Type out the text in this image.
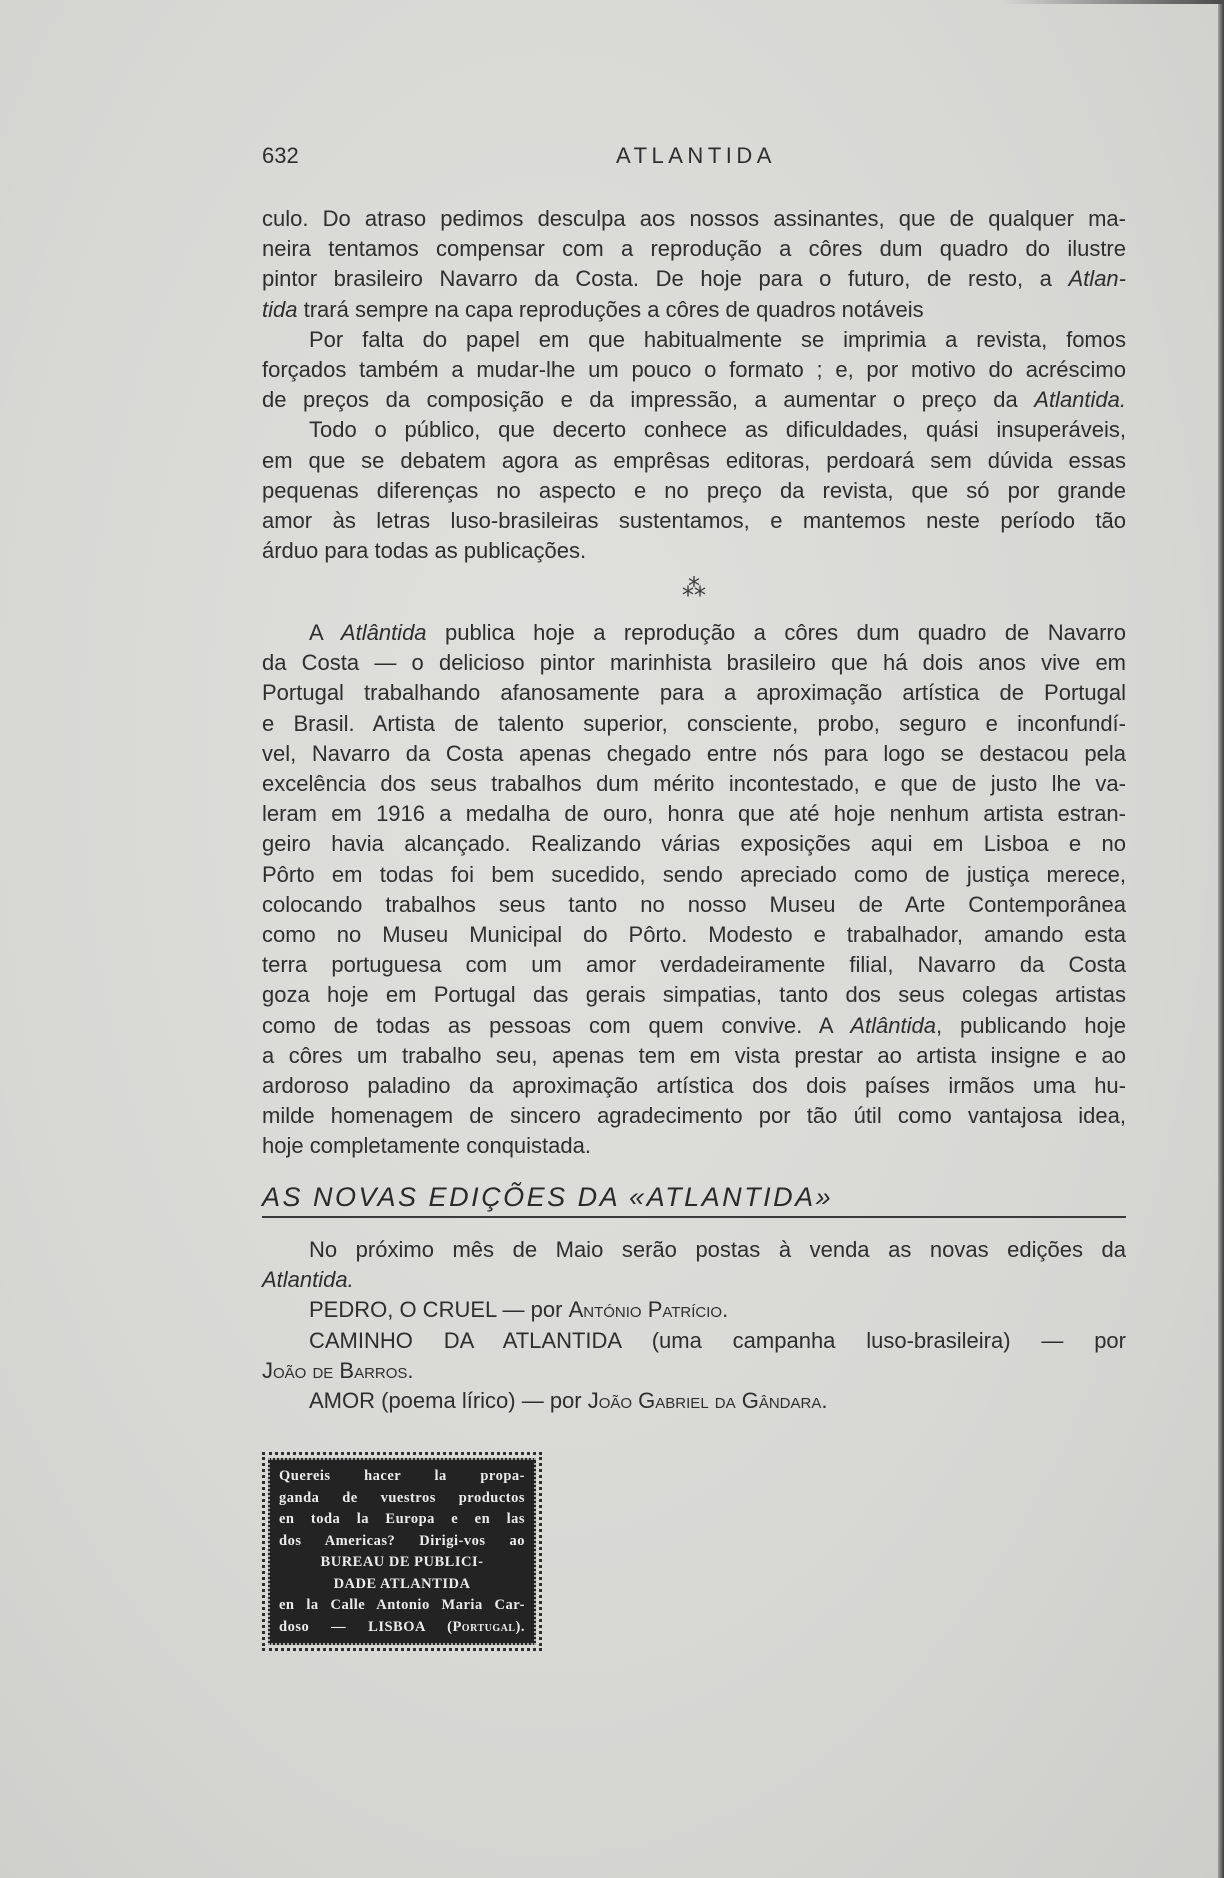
632	ATLANTIDA
culo. Do atraso pedimos desculpa aos nossos assinantes, que de qualquer ma-
neira tentamos compensar com a reprodução a côres dum quadro do ilustre
pintor brasileiro Navarro da Costa. De hoje para o futuro, de resto, a Atlan-
tida trará sempre na capa reproduções a côres de quadros notáveis
Por falta do papel em que habitualmente se imprimia a revista, fomos
forçados também a mudar-lhe um pouco o formato ; e, por motivo do acréscimo
de preços da composição e da impressão, a aumentar o preço da Atlantida.
Todo o público, que decerto conhece as dificuldades, quási insuperáveis,
em que se debatem agora as emprêsas editoras, perdoará sem dúvida essas
pequenas diferenças no aspecto e no preço da revista, que só por grande
amor às letras luso-brasileiras sustentamos, e mantemos neste período tão
árduo para todas as publicações.
⁂
A Atlântida publica hoje a reprodução a côres dum quadro de Navarro
da Costa — o delicioso pintor marinhista brasileiro que há dois anos vive em
Portugal trabalhando afanosamente para a aproximação artística de Portugal
e Brasil. Artista de talento superior, consciente, probo, seguro e inconfundí-
vel, Navarro da Costa apenas chegado entre nós para logo se destacou pela
excelência dos seus trabalhos dum mérito incontestado, e que de justo lhe va-
leram em 1916 a medalha de ouro, honra que até hoje nenhum artista estran-
geiro havia alcançado. Realizando várias exposições aqui em Lisboa e no
Pôrto em todas foi bem sucedido, sendo apreciado como de justiça merece,
colocando trabalhos seus tanto no nosso Museu de Arte Contemporânea
como no Museu Municipal do Pôrto. Modesto e trabalhador, amando esta
terra portuguesa com um amor verdadeiramente filial, Navarro da Costa
goza hoje em Portugal das gerais simpatias, tanto dos seus colegas artistas
como de todas as pessoas com quem convive. A Atlântida, publicando hoje
a côres um trabalho seu, apenas tem em vista prestar ao artista insigne e ao
ardoroso paladino da aproximação artística dos dois países irmãos uma hu-
milde homenagem de sincero agradecimento por tão útil como vantajosa idea,
hoje completamente conquistada.
AS NOVAS EDIÇÕES DA «ATLANTIDA»
No próximo mês de Maio serão postas à venda as novas edições da
Atlantida.
PEDRO, O CRUEL — por António Patrício.
CAMINHO DA ATLANTIDA (uma campanha luso-brasileira) — por
João de Barros.
AMOR (poema lírico) — por João Gabriel da Gândara.
Quereis hacer la propa-
ganda de vuestros productos
en toda la Europa e en las
dos Americas? Dirigi-vos ao
BUREAU DE PUBLICI-
DADE ATLANTIDA
en la Calle Antonio Maria Car-
doso — LISBOA (Portugal).
